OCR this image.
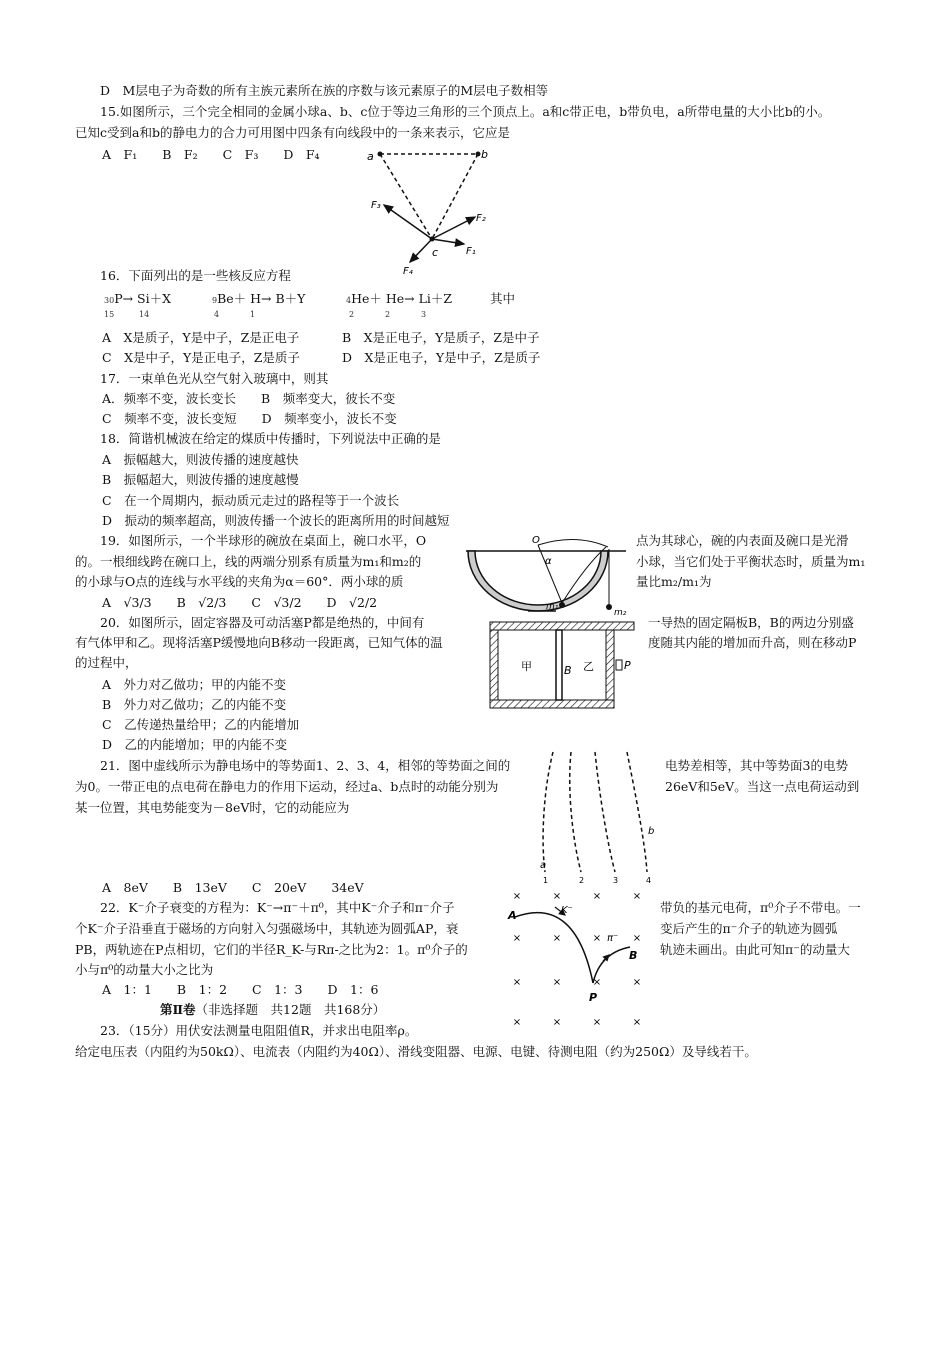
D　M层电子为奇数的所有主族元素所在族的序数与该元素原子的M层电子数相等
15.如图所示，三个完全相同的金属小球a、b、c位于等边三角形的三个顶点上。a和c带正电，b带负电，a所带电量的大小比b的小。
已知c受到a和b的静电力的合力可用图中四条有向线段中的一条来表示，它应是
A　F₁　　B　F₂　　C　F₃　　D　F₄	a	b
c
F₃
F₂
F₁
F₄
16．下面列出的是一些核反应方程
30P→ Si＋X	9Be＋ H→ B＋Y	4He＋ He→ Li＋Z	其中
15	14	4	1	2	2	3
A　X是质子，Y是中子，Z是正电子	B　X是正电子，Y是质子，Z是中子
C　X是中子，Y是正电子，Z是质子	D　X是正电子，Y是中子，Z是质子
17．一束单色光从空气射入玻璃中，则其
A．频率不变，波长变长　　B　频率变大，彼长不变
C　频率不变，波长变短　　D　频率变小，波长不变
18．简谐机械波在给定的煤质中传播时，下列说法中正确的是
A　振幅越大，则波传播的速度越快
B　振幅超大，则波传播的速度越慢
C　在一个周期内，振动质元走过的路程等于一个波长
D　振动的频率超高，则波传播一个波长的距离所用的时间越短
19．如图所示，一个半球形的碗放在桌面上，碗口水平，O	点为其球心，碗的内表面及碗口是光滑
的。一根细线跨在碗口上，线的两端分别系有质量为m₁和m₂的	小球，当它们处于平衡状态时，质量为m₁
的小球与O点的连线与水平线的夹角为α＝60°．两小球的质	量比m₂/m₁为
A　√3/3　　B　√2/3　　C　√3/2　　D　√2/2
O
α
m₁
m₂
20．如图所示，固定容器及可动活塞P都是绝热的，中间有	一导热的固定隔板B，B的两边分别盛
有气体甲和乙。现将活塞P缓慢地向B移动一段距离，已知气体的温	度随其内能的增加而升高，则在移动P
的过程中，
A　外力对乙做功；甲的内能不变
B　外力对乙做功；乙的内能不变
C　乙传递热量给甲；乙的内能增加
D　乙的内能增加；甲的内能不变
甲	B 乙	P
21．图中虚线所示为静电场中的等势面1、2、3、4，相邻的等势面之间的	电势差相等，其中等势面3的电势
为0。一带正电的点电荷在静电力的作用下运动，经过a、b点时的动能分别为	26eV和5eV。当这一点电荷运动到
某一位置，其电势能变为－8eV时，它的动能应为
A　8eV　　B　13eV　　C　20eV　　34eV
a
b
1	2	3	4
22．K⁻介子衰变的方程为：K⁻→π⁻＋π⁰，其中K⁻介子和π⁻介子	带负的基元电荷，π⁰介子不带电。一
个K⁻介子沿垂直于磁场的方向射入匀强磁场中，其轨迹为圆弧AP，衰	变后产生的π⁻介子的轨迹为圆弧
PB，两轨迹在P点相切，它们的半径R_K-与Rπ-之比为2：1。π⁰介子的	轨迹未画出。由此可知π⁻的动量大
小与π⁰的动量大小之比为
A　1：1　　B　1：2　　C　1：3　　D　1：6
×	×	×	×
×	×	×	×
×	×	×	×
×	×	×	×
A	K⁻
π⁻
B
P
第Ⅱ卷（非选择题　共12题　共168分）
23．（15分）用伏安法测量电阻阻值R，并求出电阻率ρ。
给定电压表（内阻约为50kΩ）、电流表（内阻约为40Ω）、滑线变阻器、电源、电键、待测电阻（约为250Ω）及导线若干。
